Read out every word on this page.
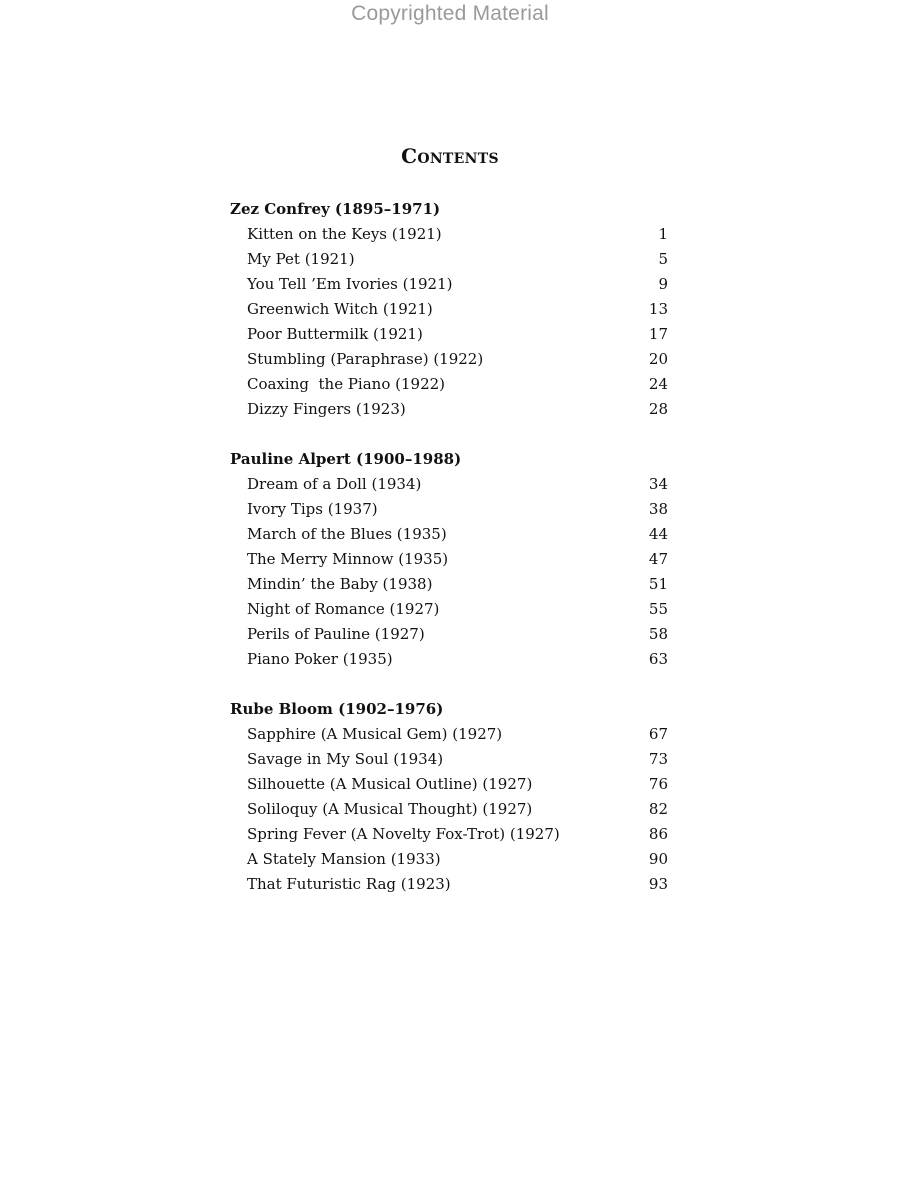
Copyrighted Material
Contents
Zez Confrey (1895–1971)
Kitten on the Keys (1921)	1
My Pet (1921)	5
You Tell ’Em Ivories (1921)	9
Greenwich Witch (1921)	13
Poor Buttermilk (1921)	17
Stumbling (Paraphrase) (1922)	20
Coaxing  the Piano (1922)	24
Dizzy Fingers (1923)	28
Pauline Alpert (1900–1988)
Dream of a Doll (1934)	34
Ivory Tips (1937)	38
March of the Blues (1935)	44
The Merry Minnow (1935)	47
Mindin’ the Baby (1938)	51
Night of Romance (1927)	55
Perils of Pauline (1927)	58
Piano Poker (1935)	63
Rube Bloom (1902–1976)
Sapphire (A Musical Gem) (1927)	67
Savage in My Soul (1934)	73
Silhouette (A Musical Outline) (1927)	76
Soliloquy (A Musical Thought) (1927)	82
Spring Fever (A Novelty Fox-Trot) (1927)	86
A Stately Mansion (1933)	90
That Futuristic Rag (1923)	93
